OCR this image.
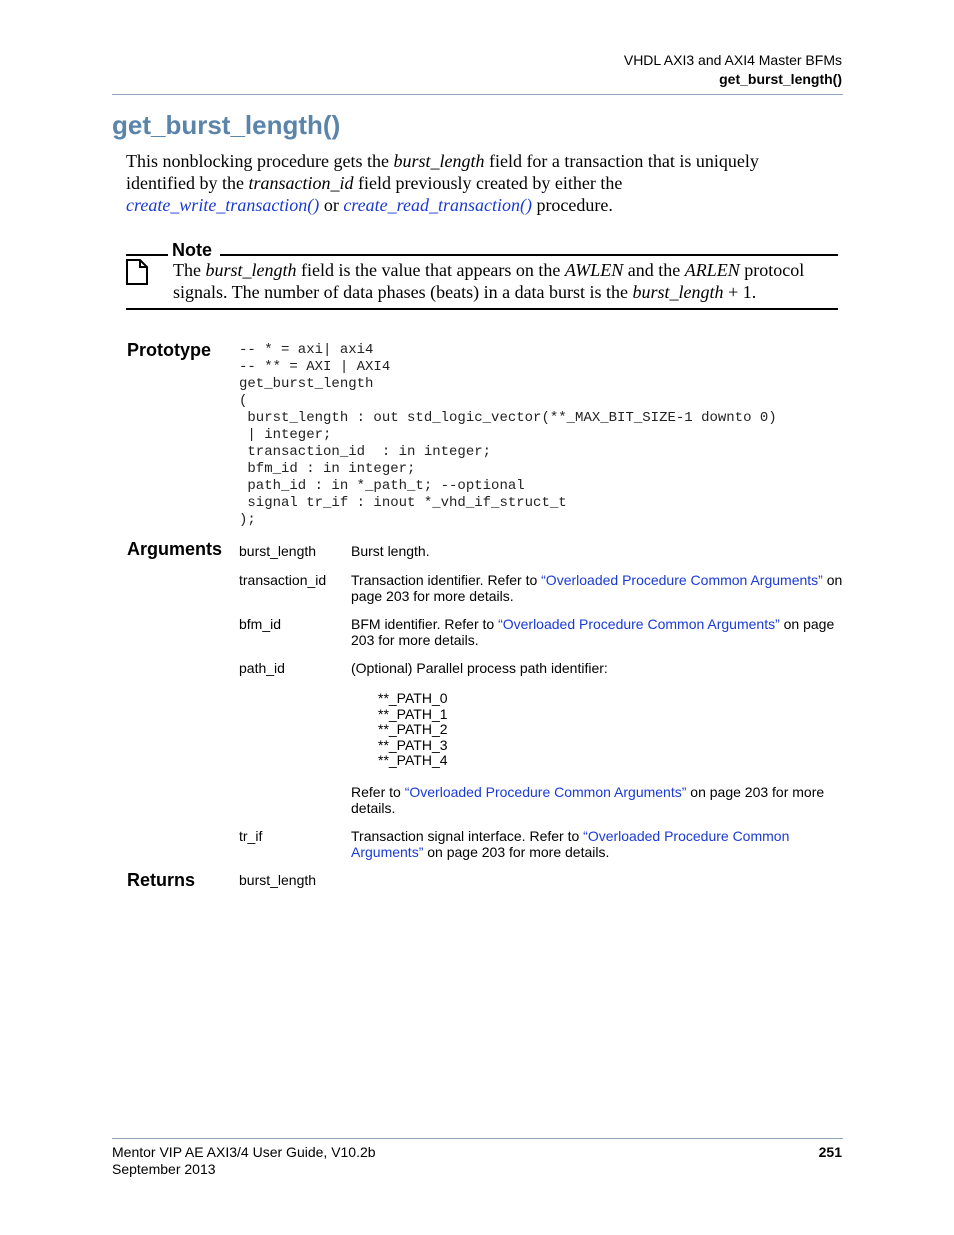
VHDL AXI3 and AXI4 Master BFMs
get_burst_length()
get_burst_length()
This nonblocking procedure gets the burst_length field for a transaction that is uniquely identified by the transaction_id field previously created by either the
create_write_transaction() or create_read_transaction() procedure.
Note
The burst_length field is the value that appears on the AWLEN and the ARLEN protocol signals. The number of data phases (beats) in a data burst is the burst_length + 1.
Prototype -- * = axi| axi4
-- ** = AXI | AXI4
get_burst_length
(
burst_length : out std_logic_vector(**_MAX_BIT_SIZE-1 downto 0)
| integer;
transaction_id  : in integer;
bfm_id : in integer;
path_id : in *_path_t; --optional
signal tr_if : inout *_vhd_if_struct_t
);
Arguments burst_length Burst length.
transaction_id Transaction identifier. Refer to “Overloaded Procedure Common Arguments” on page 203 for more details.
bfm_id	BFM identifier. Refer to “Overloaded Procedure Common Arguments” on page 203 for more details.
path_id	(Optional) Parallel process path identifier:
**_PATH_0
**_PATH_1
**_PATH_2
**_PATH_3
**_PATH_4
Refer to “Overloaded Procedure Common Arguments” on page 203 for more details.
tr_if	Transaction signal interface. Refer to “Overloaded Procedure Common Arguments” on page 203 for more details.
Returns	burst_length
Mentor VIP AE AXI3/4 User Guide, V10.2b
September 2013
251
